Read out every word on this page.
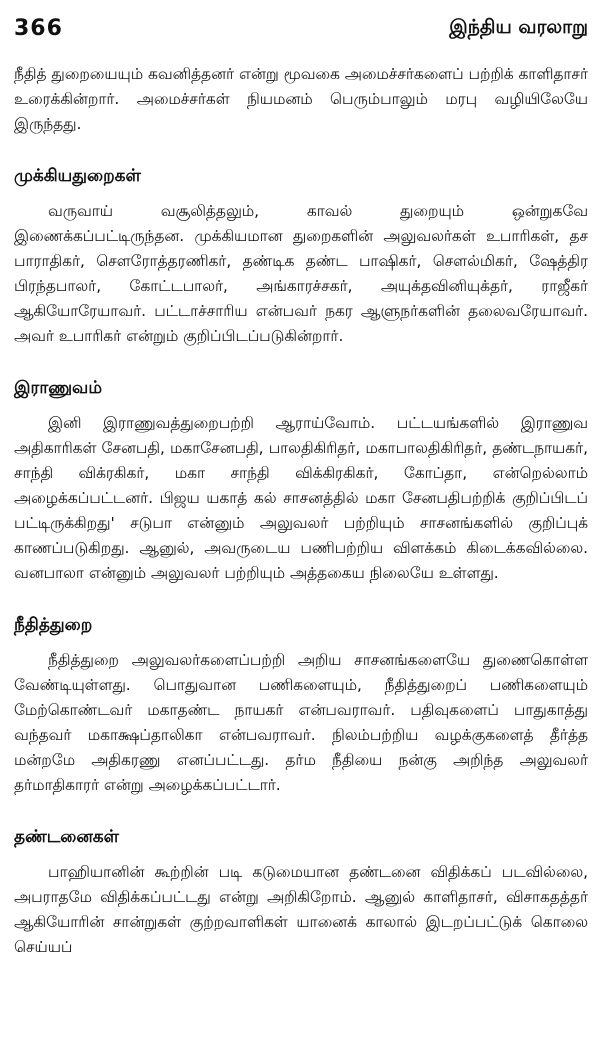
366	இந்திய வரலாறு

நீதித் துறையையும் கவனித்தனர் என்று மூவகை அமைச்சர்களைப் பற்றிக் காளிதாசர் உரைக்கின்றார். அமைச்சர்கள் நியமனம் பெரும்பாலும் மரபு வழியிலேயே இருந்தது.

முக்கியதுறைகள்

வருவாய் வசூலித்தலும், காவல் துறையும் ஒன்றுகவே இணைக்கப்பட்டிருந்தன. முக்கியமான துறைகளின் அலுவலர்கள் உபாரிகள், தச பாராதிகர், சௌரோத்தரணிகர், தண்டிக தண்ட பாஷிகர், சௌல்மிகர், ஷேத்திர பிரந்தபாலர், கோட்டபாலர், அங்காரச்சகர், அயுக்தவினியுக்தர், ராஜீகர் ஆகியோரேயாவர். பட்டாச்சாரிய என்பவர் நகர ஆளுநர்களின் தலைவரேயாவர். அவர் உபாரிகர் என்றும் குறிப்பிடப்படுகின்றார்.

இராணுவம்

இனி இராணுவத்துறைபற்றி ஆராய்வோம். பட்டயங்களில் இராணுவ அதிகாரிகள் சேனபதி, மகாசேனபதி, பாலதிகிரிதர், மகாபாலதிகிரிதர், தண்டநாயகர், சாந்தி விக்ரகிகர், மகா சாந்தி விக்கிரகிகர், கோப்தா, என்றெல்லாம் அழைக்கப்பட்டனர். பிஜய யகாத் கல் சாசனத்தில் மகா சேனபதிபற்றிக் குறிப்பிடப் பட்டிருக்கிறது' சடுபா என்னும் அலுவலர் பற்றியும் சாசனங்களில் குறிப்புக் காணப்படுகிறது. ஆனுல், அவருடைய பணிபற்றிய விளக்கம் கிடைக்கவில்லை. வனபாலா என்னும் அலுவலர் பற்றியும் அத்தகைய நிலையே உள்ளது.

நீதித்துறை

நீதித்துறை அலுவலர்களைப்பற்றி அறிய சாசனங்களையே துணைகொள்ள வேண்டியுள்ளது. பொதுவான பணிகளையும், நீதித்துறைப் பணிகளையும் மேற்கொண்டவர் மகாதண்ட நாயகர் என்பவராவர். பதிவுகளைப் பாதுகாத்து வந்தவர் மகாக்ஷப்தாலிகா என்பவராவர். நிலம்பற்றிய வழக்குகளைத் தீர்த்த மன்றமே அதிகரணு எனப்பட்டது. தர்ம நீதியை நன்கு அறிந்த அலுவலர் தர்மாதிகாரர் என்று அழைக்கப்பட்டார்.

தண்டனைகள்

பாஹியானின் கூற்றின் படி கடுமையான தண்டனை விதிக்கப் படவில்லை, அபராதமே விதிக்கப்பட்டது என்று அறிகிறோம். ஆனுல் காளிதாசர், விசாகதத்தர் ஆகியோரின் சான்றுகள் குற்றவாளிகள் யானைக் காலால் இடறப்பட்டுக் கொலை செய்யப்
